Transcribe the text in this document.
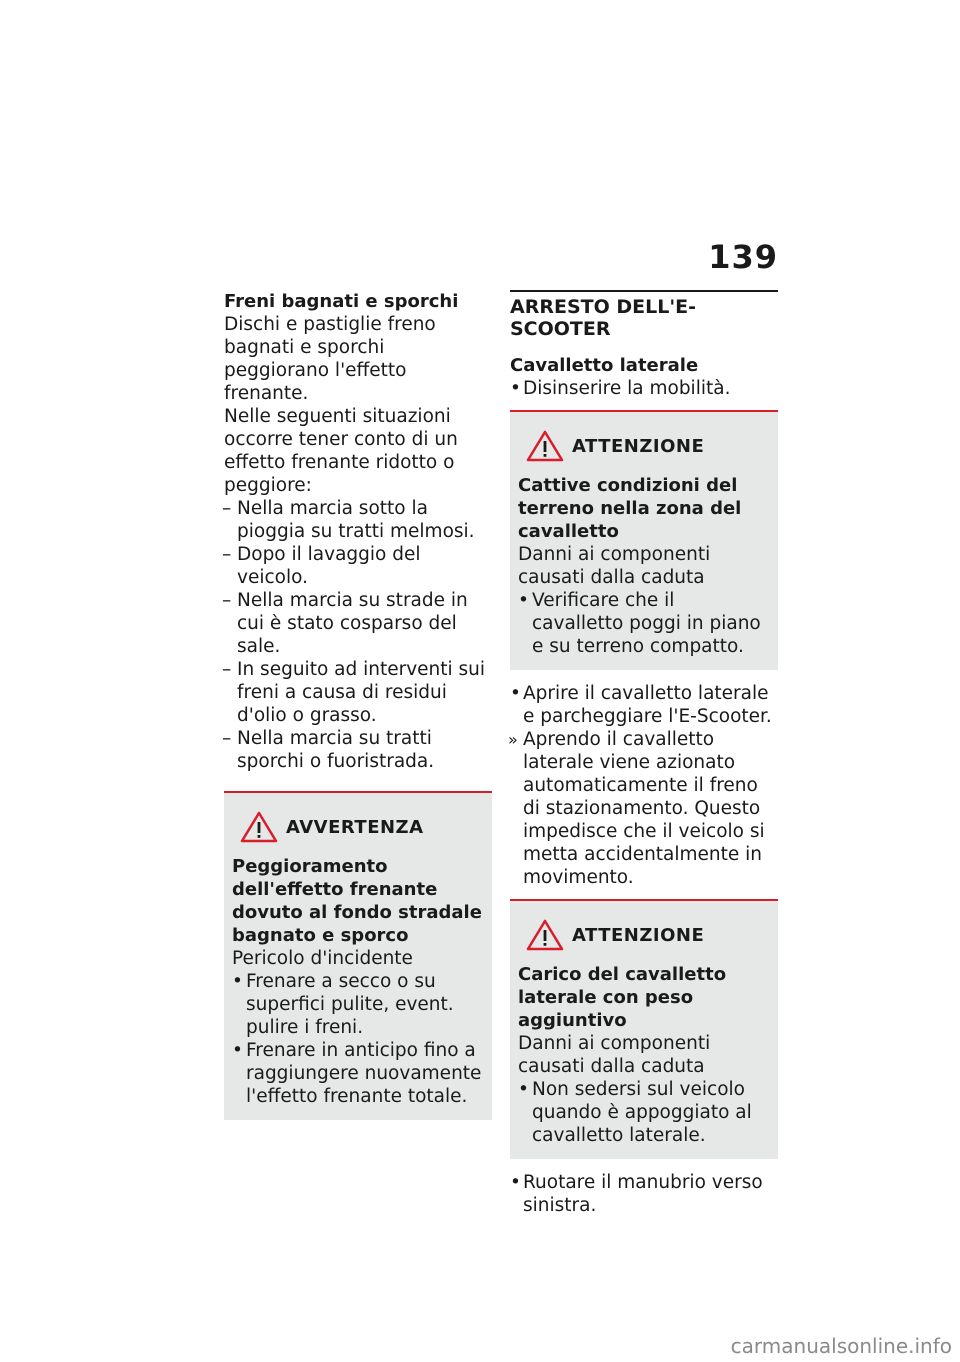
139

Freni bagnati e sporchi

Dischi e pastiglie freno bagnati e sporchi peggiorano l'effetto frenante.

Nelle seguenti situazioni occorre tener conto di un effetto frenante ridotto o peggiore:

– Nella marcia sotto la pioggia su tratti melmosi.
– Dopo il lavaggio del veicolo.
– Nella marcia su strade in cui è stato cosparso del sale.
– In seguito ad interventi sui freni a causa di residui d'olio o grasso.
– Nella marcia su tratti sporchi o fuoristrada.
AVVERTENZA

Peggioramento dell'effetto frenante dovuto al fondo stradale bagnato e sporco

Pericolo d'incidente

• Frenare a secco o su superfici pulite, event. pulire i freni.
• Frenare in anticipo fino a raggiungere nuovamente l'effetto frenante totale.

ARRESTO DELL'E-SCOOTER

Cavalletto laterale

• Disinserire la mobilità.
ATTENZIONE

Cattive condizioni del terreno nella zona del cavalletto

Danni ai componenti causati dalla caduta

• Verificare che il cavalletto poggi in piano e su terreno compatto.
• Aprire il cavalletto laterale e parcheggiare l'E-Scooter.
» Aprendo il cavalletto laterale viene azionato automaticamente il freno di stazionamento. Questo impedisce che il veicolo si metta accidentalmente in movimento.
ATTENZIONE

Carico del cavalletto laterale con peso aggiuntivo

Danni ai componenti causati dalla caduta

• Non sedersi sul veicolo quando è appoggiato al cavalletto laterale.
• Ruotare il manubrio verso sinistra.
carmanualsonline.info
